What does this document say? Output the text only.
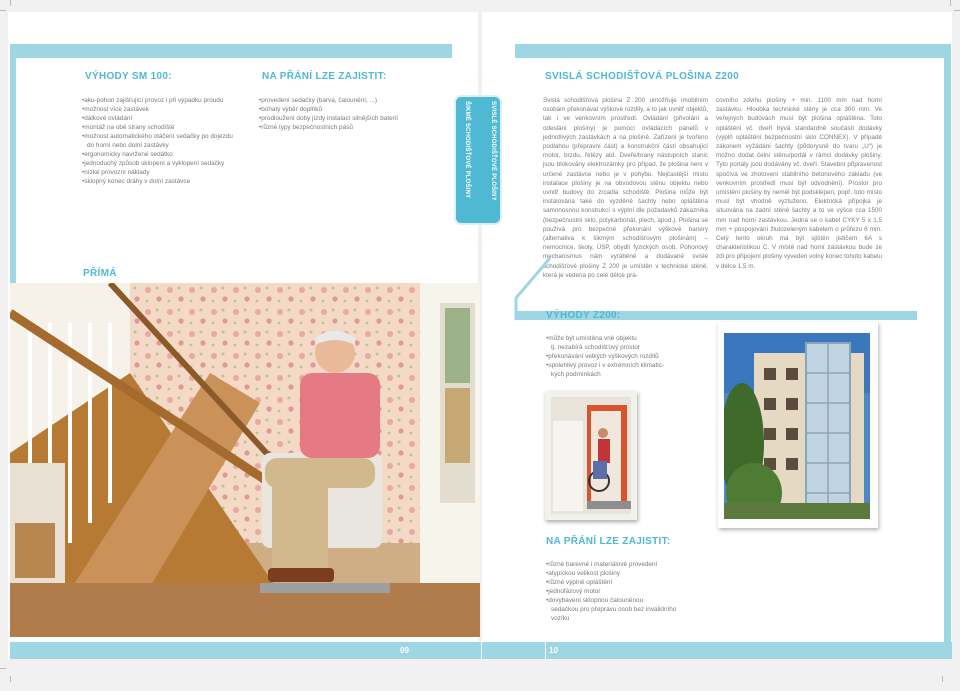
VÝHODY SM 100:
• aku-pohon zajišťující provoz i při výpadku proudu
• možnost více zastávek
• dálkové ovládání
• montáž na obě strany schodiště
• možnost automatického otáčení sedačky po dojezdu
do horní nebo dolní zastávky
• ergonomicky navržené sedátko
• jednoduchý způsob sklopení a vyklopení sedačky
• nízké provozní náklady
• sklopný konec dráhy v dolní zastávce
NA PŘÁNÍ LZE ZAJISTIT:
• provedení sedačky (barva, čalounění, ...)
• bohatý výběr doplňků
• prodloužení doby jízdy instalací silnějších baterií
• různé typy bezpečnostních pásů
PŘÍMÁ
SVISLÉ SCHODIŠŤOVÉ PLOŠINY
ŠIKMÉ SCHODIŠŤOVÉ PLOŠINY
SVISLÁ SCHODIŠŤOVÁ PLOŠINA Z200
Svislá schodišťová plošina Z 200 umožňuje imobilním osobám překonávat výškové rozdíly, a to jak uvnitř objektů, tak i ve venkovním prostředí. Ovládání (přivolání a odeslání plošiny) je pomocí ovládacích panelů v jednotlivých zastávkách a na plošině. Zařízení je tvořeno podlahou (přepravní část) a konstrukční částí obsahující motor, brzdu, řetězy atd. Dveře/brany nástupních stanic jsou blokovány elektrozámky pro případ, že plošina není v určené zastávce nebo je v pohybu. Nejčastější místo instalace plošiny je na obvodovou stěnu objektu nebo uvnitř budovy do zrcadla schodiště. Plošina může být instalována také do vyzděné šachty nebo opláštěna samonosnou konstrukcí s výplní dle požadavků zákazníka (bezpečnostní sklo, polykarbonát, plech, apod.). Plošina se používá pro bezpečné překonání výškové bariéry (alternativa k šikmým schodišťovým plošinám) – nemocnice, školy, ÚSP, obydlí fyzických osob. Pohonový mechanismus nám vyráběné a dodávané svislé schodišťové plošiny Z 200 je umístěn v technické stěně, která je vedena po celé délce pra-
covního zdvihu plošiny + min. 1100 mm nad horní zastávku. Hloubka technické stěny je cca 300 mm. Ve veřejných budovách musí být plošina opláštěna. Toto opláštění vč. dveří bývá standardně součástí dodávky (výplň opláštění bezpečnostní sklo CONNEX). V případě zákonem vyžádání šachty (půdorysně do tvaru „U“) je možno dodat čelní stěnu/portál v rámci dodávky plošiny. Tyto portály jsou dodávány vč. dveří. Stavební připravenost spočívá ve zhotovení stabilního betonového základu (ve venkovním prostředí musí být odvodnění). Prostor pro umístění plošiny by neměl být podsklepen, popř. toto místo musí být vhodně vyztuženo. Elektrická přípojka je situována na zadní stěně šachty a to ve výšce cca 1500 mm nad horní zastávkou. Jedná se o kabel CYKY 5 x 1,5 mm + pospojování žlutozeleným kabelem o průřezu 6 mm. Celý tento okruh má být sjištěn jističem 6A s charakteristikou C. V místě nad horní zastávkou bude ze zdi pro připojení plošiny vyveden volný konec tohoto kabelu v délce 1,5 m.
VÝHODY Z200:
• může být umístěna vně objektu
tj. nezabírá schodišťový prostor
• překonávání velkých výškových rozdílů
• spolehlivý provoz i v extrémních klimatic-
kých podmínkách
NA PŘÁNÍ LZE ZAJISTIT:
• různé barevné i materiálové provedení
• atypickou velikost plošiny
• různé výplně opláštění
• jednofázový motor
• dovybavení sklopnou čalouněnou
sedačkou pro přepravu osob bez invalidního
vozíku
09	10
